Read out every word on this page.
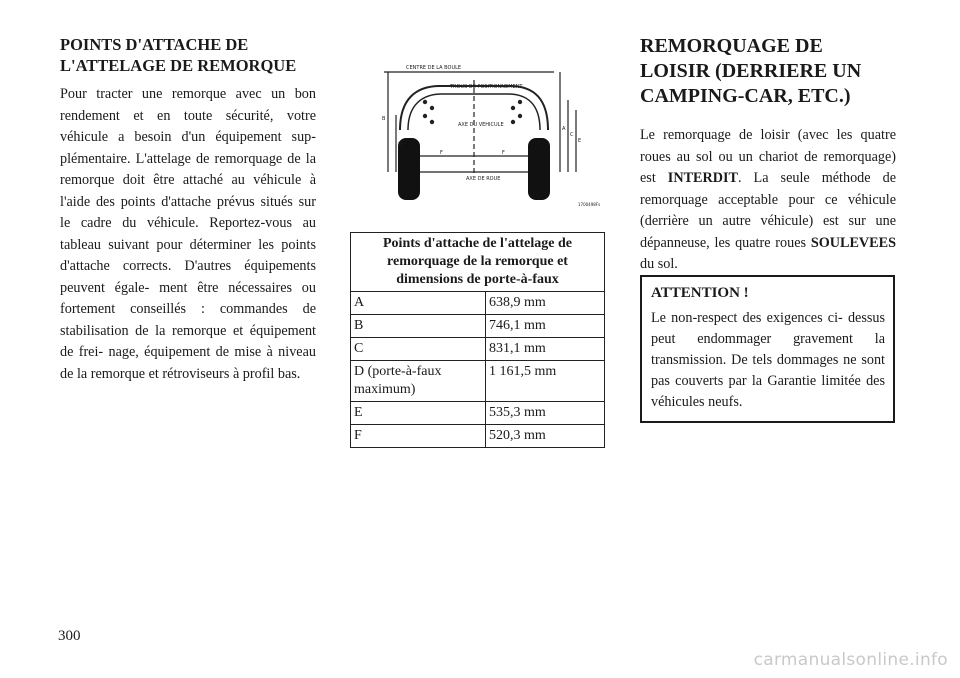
POINTS D'ATTACHE DE L'ATTELAGE DE REMORQUE

Pour tracter une remorque avec un bon rendement et en toute sécurité, votre véhicule a besoin d'un équipement sup- plémentaire. L'attelage de remorquage de la remorque doit être attaché au véhicule à l'aide des points d'attache prévus situés sur le cadre du véhicule. Reportez-vous au tableau suivant pour déterminer les points d'attache corrects. D'autres équipements peuvent égale- ment être nécessaires ou fortement conseillés : commandes de stabilisation de la remorque et équipement de frei- nage, équipement de mise à niveau de la remorque et rétroviseurs à profil bas.

CENTRE DE LA BOULE
TROUS DE POSITIONNEMENT
AXE DU VEHICULE
AXE DE ROUE
F	F
B
D
A
C
E
1700498Fs
Points d'attache de l'attelage de remorquage de la remorque et dimensions de porte-à-faux	
A	638,9 mm
B	746,1 mm
C	831,1 mm
D (porte-à-faux maximum)	1 161,5 mm
E	535,3 mm
F	520,3 mm
REMORQUAGE DE LOISIR (DERRIERE UN CAMPING-CAR, ETC.)

Le remorquage de loisir (avec les quatre roues au sol ou un chariot de remorquage) est INTERDIT. La seule méthode de remorquage acceptable pour ce véhicule (derrière un autre véhicule) est sur une dépanneuse, les quatre roues SOULEVEES du sol.

ATTENTION !

Le non-respect des exigences ci- dessus peut endommager gravement la transmission. De tels dommages ne sont pas couverts par la Garantie limitée des véhicules neufs.

300
carmanualsonline.info
